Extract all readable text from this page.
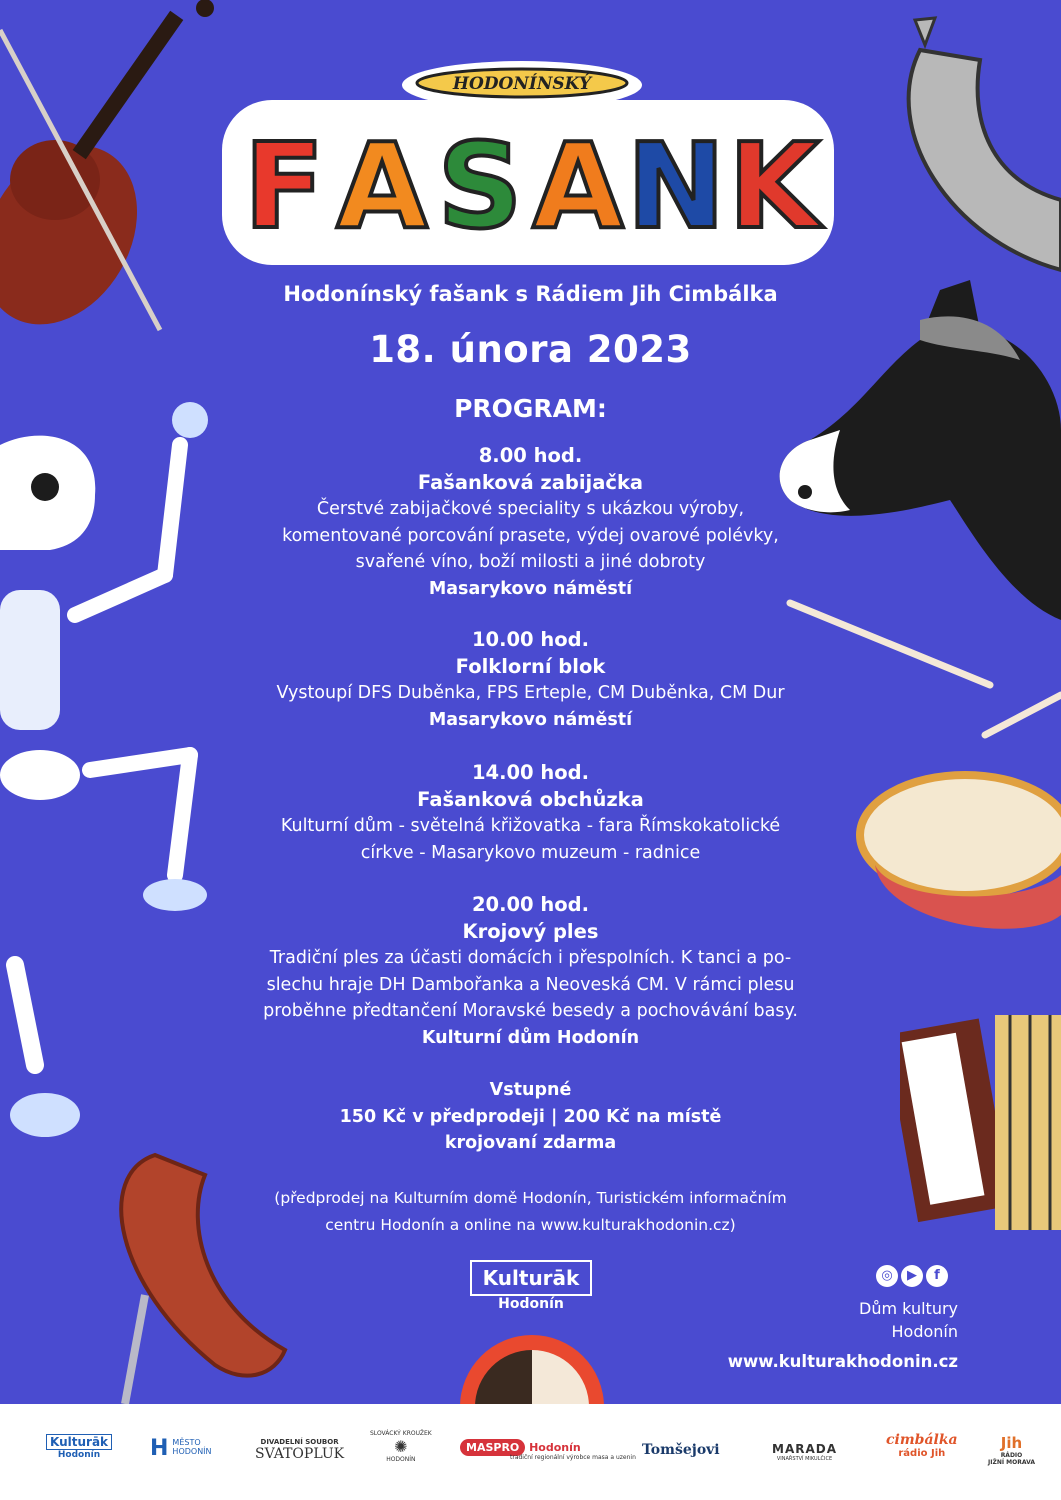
HODONÍNSKÝ
F A S A N K
Hodonínský fašank s Rádiem Jih Cimbálka
18. února 2023
PROGRAM:
8.00 hod.
Fašanková zabijačka
Čerstvé zabijačkové speciality s ukázkou výroby,
komentované porcování prasete, výdej ovarové polévky,
svařené víno, boží milosti a jiné dobroty
Masarykovo náměstí
10.00 hod.
Folklorní blok
Vystoupí DFS Duběnka, FPS Erteple, CM Duběnka, CM Dur
Masarykovo náměstí
14.00 hod.
Fašanková obchůzka
Kulturní dům - světelná křižovatka - fara Římskokatolické
církve - Masarykovo muzeum - radnice
20.00 hod.
Krojový ples
Tradiční ples za účasti domácích i přespolních. K tanci a po-
slechu hraje DH Dambořanka a Neoveská CM. V rámci plesu
proběhne předtančení Moravské besedy a pochovávání basy.
Kulturní dům Hodonín
Vstupné
150 Kč v předprodeji | 200 Kč na místě
krojovaní zdarma
(předprodej na Kulturním domě Hodonín, Turistickém informačním
centru Hodonín a online na www.kulturakhodonin.cz)
Kulturāk
Hodonín
◎ ▶ f
Dům kultury
Hodonín
www.kulturakhodonin.cz
Kulturāk
Hodonín	H MĚSTO
HODONÍN
DIVADELNÍ SOUBOR
SVATOPLUK
SLOVÁCKÝ KROUŽEK
✺
HODONÍN
MASPRO Hodonín
tradiční regionální výrobce masa a uzenin Tomšejovi	MARADA
VINAŘSTVÍ MIKULČICE
cimbálka
rádio Jih
Jih
RÁDIO
JIŽNÍ MORAVA
